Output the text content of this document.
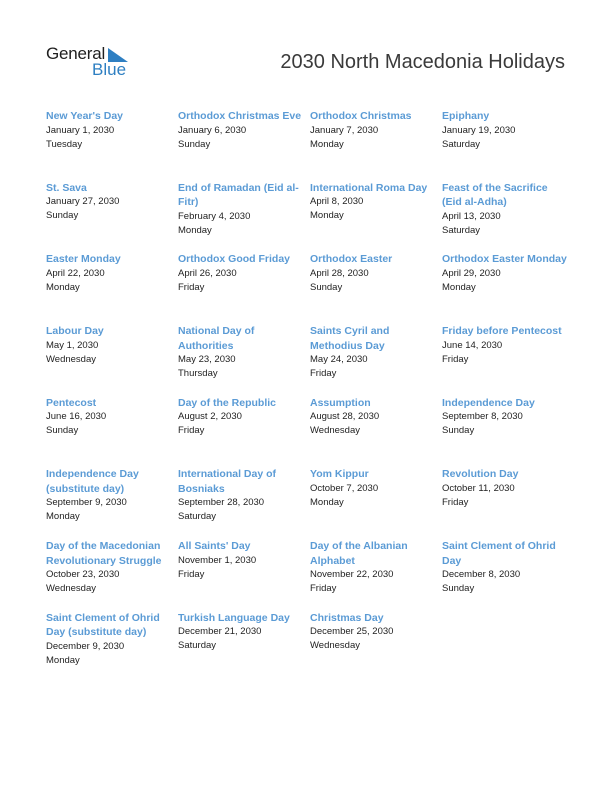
General
Blue	2030 North Macedonia Holidays
New Year's Day
January 1, 2030
Tuesday
Orthodox Christmas Eve
January 6, 2030
Sunday
Orthodox Christmas
January 7, 2030
Monday
Epiphany
January 19, 2030
Saturday
St. Sava
January 27, 2030
Sunday
End of Ramadan (Eid al-Fitr)
February 4, 2030
Monday
International Roma Day
April 8, 2030
Monday
Feast of the Sacrifice (Eid al-Adha)
April 13, 2030
Saturday
Easter Monday
April 22, 2030
Monday
Orthodox Good Friday
April 26, 2030
Friday
Orthodox Easter
April 28, 2030
Sunday
Orthodox Easter Monday
April 29, 2030
Monday
Labour Day
May 1, 2030
Wednesday
National Day of Authorities
May 23, 2030
Thursday
Saints Cyril and Methodius Day
May 24, 2030
Friday
Friday before Pentecost
June 14, 2030
Friday
Pentecost
June 16, 2030
Sunday
Day of the Republic
August 2, 2030
Friday
Assumption
August 28, 2030
Wednesday
Independence Day
September 8, 2030
Sunday
Independence Day (substitute day)
September 9, 2030
Monday
International Day of Bosniaks
September 28, 2030
Saturday
Yom Kippur
October 7, 2030
Monday
Revolution Day
October 11, 2030
Friday
Day of the Macedonian Revolutionary Struggle
October 23, 2030
Wednesday
All Saints' Day
November 1, 2030
Friday
Day of the Albanian Alphabet
November 22, 2030
Friday
Saint Clement of Ohrid Day
December 8, 2030
Sunday
Saint Clement of Ohrid Day (substitute day)
December 9, 2030
Monday
Turkish Language Day
December 21, 2030
Saturday
Christmas Day
December 25, 2030
Wednesday
